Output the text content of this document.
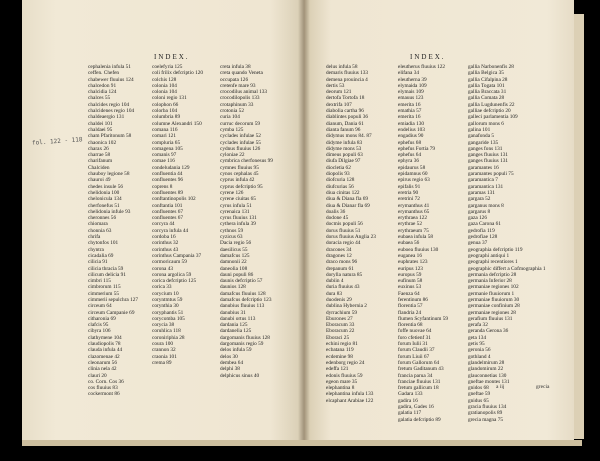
INDEX.	INDEX.
fol. 122 - 118
cephalenia infula 51
ceffen. Chefen
chabewer fluuius 124
chalcedon 91
chalcidia 124
chalces 55
chalcides regio 104
chalcidenes regio 104
chaldeaergio 131
chaldei 101
chaldaei 95
cham Pfaritonum 58
chaonica 102
charax 26
charrae 58
charifanum
Chalciden
chauboy legione 58
chauroi 49
chedes insule 56
chelidonia 100
chelonicula 134
cherfonefus 51
chelidonia infule 93
cheronnes 56
chiomara
chonnia 63
chrifa
chytonfos 101
chyntra
cicadalia 69
cilicia 91
cilicia thracia 59
cilicum delicia 91
cimbri 115
cimbrorum 115
cimmerium 55
cimmerii sepulchra 127
circeum 64
circeum Campanie 69
citharonia 69
clafcis 95
cibyra 106
clathymene 104
claudiopolis 78
clauda infula 44
clazomenae 42
cleonarum 56
clinia nela 42
clauri 20
co. Corn. Cos 36
cos fluuius 83
cockermont 86
coelefyria 125
coli frilix defcriptio 120
colchis 128
colonia 104
colonia 104
coloni regio 131
colophon 66
colorba 104
columbria 89
columne Alexandri 150
comana 116
comari 121
compluria 65
comagena 105
comanis 97
comae 116
condeludania 129
confluentia 44
confluentes 96
coprens 8
confluentes 89
conftantinopolis 102
conftantia 101
confluentes 67
confluentes 67
corcyra 44
corcyra infula 44
cordoba 16
corinthus 32
corinthus 43
corinthus Campania 37
cormoricaum 59
corona 43
corona argolica 59
corica defcriptio 125
corica 33
corycium 10
coryntmtus 59
corynthia 30
coryphantis 51
corycomba 105
corycia 38
coruhlica 118
coroniriphia 28
coura 100
crannon 32
craonia 101
crema 89
creta infula 38
creta quando Veneta
occupata 126
cretenfe mare 93
crocodilus animal 133
crocodilopolis 133
crotaphinum 33
crotonia 52
curia 104
curruc decorum 59
cymba 125
cyclades infulae 52
cyclades infulae 55
cydnus fluuius 126
cyloniae 22
cymbrica cherfonesus 99
cymnes fluuius 95
cynos cephalas 45
cyprus infula 42
cyprus defcriptio 95
cyrene 126
cyrene ciuitas 65
cyrus infula 51
cyrenaica 131
cyrus fluuius 131
cythera infula 39
cythnos 59
cyzicus 63
Dacia regio 56
daesilicus 55
damafcus 125
damnonii 22
daneolia 108
dauni populi 86
daunis defcriptio 57
daunios 128
damafcus fluuius 128
damafcus defcriptio 123
danubius fluuius 113
danubius 31
danubi ortus 113
dardania 125
dardanelia 125
dargomanis fluuius 128
dargomanis regio 59
delos infula 59
delos 30
dembea 64
delphi 38
delphicus sinus 40
delus infula 58
demaris fluuius 133
demena prouincia 4
dertis 53
deorum 121
dertofa Tortofa 18
dextrifa 107
diabolia cartha 96
diablintes populi 36
dianum, Dania 61
dianta fanum 96
didymus mons 84. 87
didyme infula 83
didyme mons 53
dimeus populi 63
diufa Dilgiae 97
diocletia 62
diopolis 93
diofcuria 128
diufcurias 56
diua cinitas 122
diua & Diana fla 69
diua & Dianar fla 69
doalis 36
dodone 45
docmis populi 56
dorus fluuius 51
dorus fluuius Anglia 23
doracia regio 44
dracones 34
dragones 12
draco mons 96
drepanum 61
dorylla natura 85
dubiin 4
duria fluuius 43
dura 83
duodenis 29
dublina Hybernia 2
dyrrachium 59
Eburones 27
Eboracum 33
Eboracum 22
Eboraci 25
echini regio 81
ecbatana 119
ecdemine 98
edenborg regio 24
edeffa 121
edonis fluuius 59
egeon mare 35
elephantina 8
elephantina infula 133
elcaphant Arabiae 122
eleutherus fluuius 122
elifana 34
eleutherna 39
elymaida 109
elymais 109
emauus 123
emerita 16
emathia 57
emerita 16
emiadia 130
endelius 103
engadius 90
ephefus 68
ephefus Fortia 79
ephefus 64
ephyra 36
epidaurus 58
epidamnus 60
epirus regio 63
epifalis 91
eretria 90
eretrini 72
erymanthus 41
erymanthus 65
erythraea 122
erythrae 52
erythraeum 75
eubaea infula 58
eubaea 56
euboea fluuius 130
euganea 16
euphrates 123
euripus 123
europus 59
eufinum 58
euxinus 53
Faenza 64
ferentinum 86
florentia 57
flandria 24
flumen Scyfantinum 59
florentia 68
foffe nuovae 64
foro cfetienf 31
forum Iulii 31
forum Claudii 37
forum Liuii 67
forum Gallorum 64
fretum Gaditanum 43
francia parua 34
franciae fluuius 131
fretum gallicum 18
Gadara 133
gadira 16
gadira, Gades 16
galatia 117
galatia defcriptio 89
gallia Narbonenfis 28
gallia Belgica 35
gallia Cifalpina 28
gallia Togata 101
gallia Braccata 31
gallia Comata 28
gallia Lugdunenfis 22
galliae defcriptio 20
galleci parlamentia 109
gallorum mons 6
galina 101
ganafonda 5
gangaride 135
ganges fons 131
ganges fluuius 131
ganges fluuius 131
garamantes 16
garamantes populi 75
garamantica 7
garamantica 131
garamas 131
gargara 52
garganus mons 8
gargarus 8
gaza 126
gaza Carona 61
gedrofia 119
gedrofiae 128
genua 37
geographia defcriptio 119
geographi antiqui 1
geographi recentiores 1
geographic differt a Cofmographia 1
germania defcriptio 28
germania Inferior 28
germaniae regiones 102
germanie fluuiorum 1
germaniae fluuiorum 30
germaniae confinium 28
germaniae regiones 28
gerafium fluuius 131
gerafa 32
geranda Gerona 36
geta 134
getis 95
geronia 56
gothland 4
glandelmirum 28
glandomirum 22
glauconnetias 130
gneftae montes 131
gnidos 68
gneftae 59
gnidus 65
gracia fluuius 134
gratianopolis 89
grecia magna 75
a iij	grecia
